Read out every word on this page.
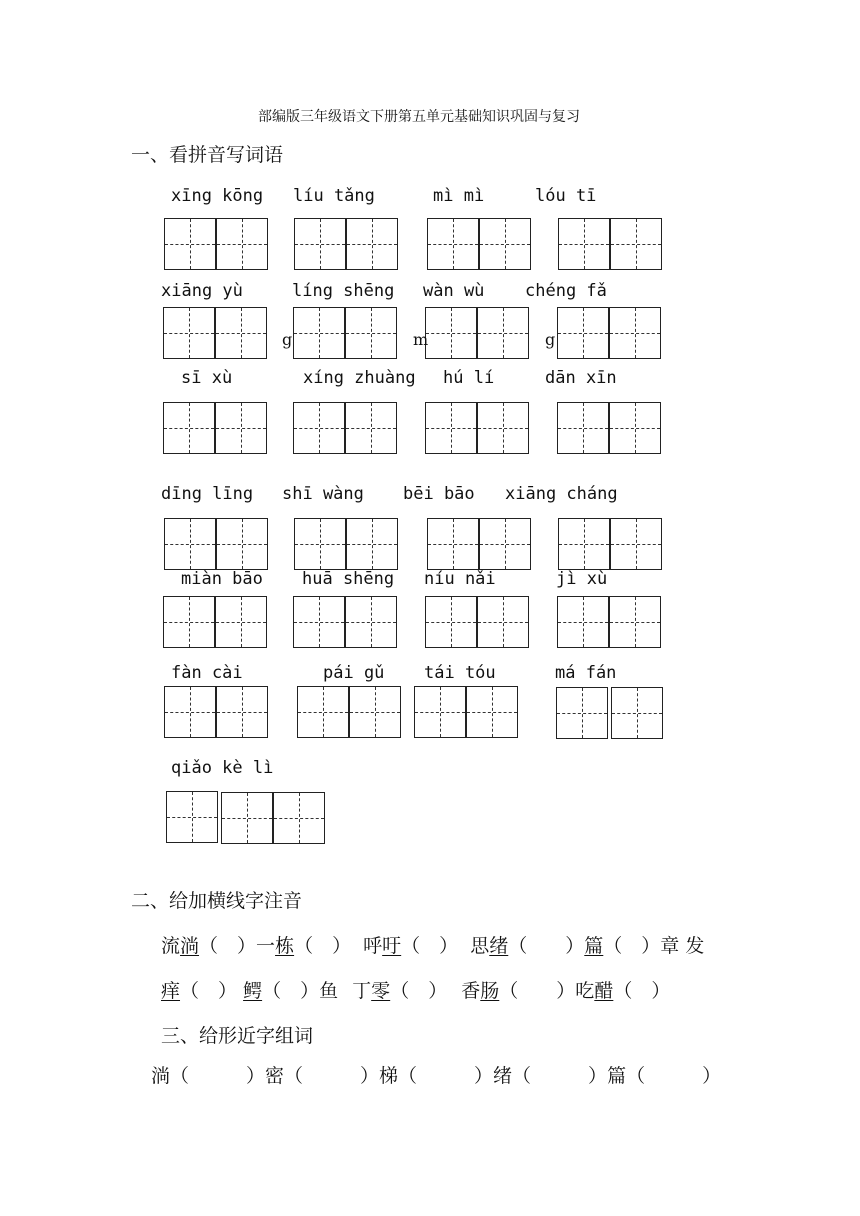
部编版三年级语文下册第五单元基础知识巩固与复习
一、看拼音写词语
xīng kōng líu tǎng	mì mì	lóu tī
xiāng yù	líng shēng wàn wù chéng fǎ
g	m	g
sī xù	xíng zhuàng hú lí	dān xīn
dīng līng shī wàng bēi bāo xiāng cháng
miàn bāo huā shēng níu nǎi	jì xù
fàn cài	pái gǔ tái tóu	má fán
qiǎo kè lì
二、给加横线字注音
流淌（　）一栋（　） 呼吁（　） 思绪（　　）篇（　）章 发
痒（　） 鳄（　）鱼 丁零（　） 香肠（　　）吃醋（　）
三、给形近字组词
淌（　　　）密（　　　）梯（　　　）绪（　　　）篇（　　　）
